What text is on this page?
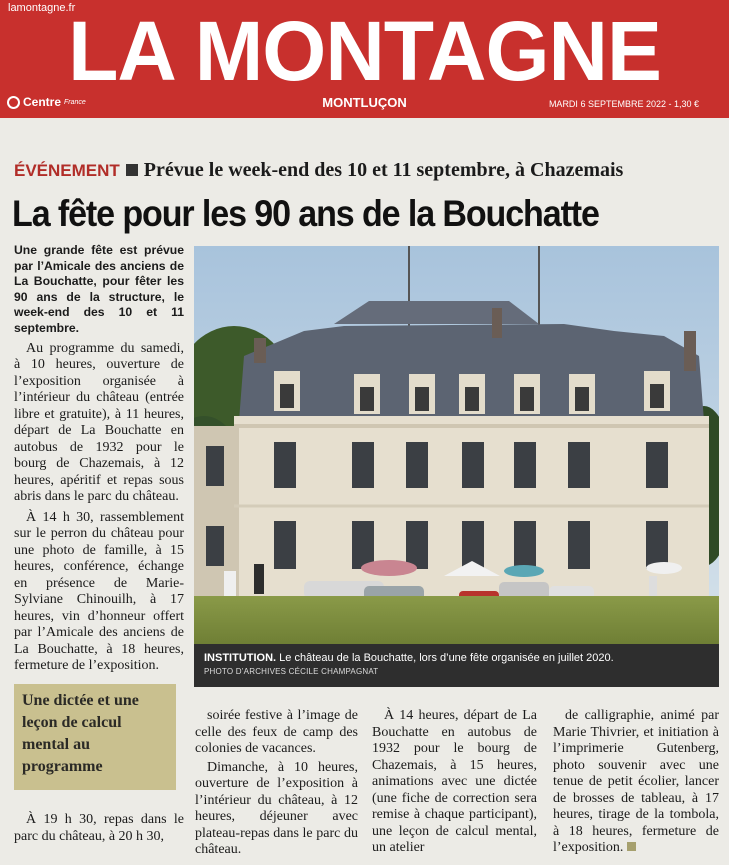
lamontagne.fr
LA MONTAGNE
Centre France	MONTLUÇON	MARDI 6 SEPTEMBRE 2022 - 1,30 €
ÉVÉNEMENT Prévue le week-end des 10 et 11 septembre, à Chazemais
La fête pour les 90 ans de la Bouchatte

Une grande fête est prévue par l’Amicale des anciens de La Bouchatte, pour fêter les 90 ans de la structure, le week-end des 10 et 11 septembre.

Au programme du samedi, à 10 heures, ouverture de l’exposition organisée à l’intérieur du château (entrée libre et gratuite), à 11 heures, départ de La Bouchatte en autobus de 1932 pour le bourg de Chazemais, à 12 heures, apéritif et repas sous abris dans le parc du château.

À 14 h 30, rassemblement sur le perron du château pour une photo de famille, à 15 heures, conférence, échange en présence de Marie-Sylviane Chinouilh, à 17 heures, vin d’honneur offert par l’Amicale des anciens de La Bouchatte, à 18 heures, fermeture de l’exposition.

INSTITUTION. Le château de la Bouchatte, lors d’une fête organisée en juillet 2020.
PHOTO D’ARCHIVES CÉCILE CHAMPAGNAT
Une dictée et une leçon de calcul mental au programme

À 19 h 30, repas dans le parc du château, à 20 h 30,

soirée festive à l’image de celle des feux de camp des colonies de vacances.

Dimanche, à 10 heures, ouverture de l’exposition à l’intérieur du château, à 12 heures, déjeuner avec plateau-repas dans le parc du château.

À 14 heures, départ de La Bouchatte en autobus de 1932 pour le bourg de Chazemais, à 15 heures, animations avec une dictée (une fiche de correction sera remise à chaque participant), une leçon de calcul mental, un atelier

de calligraphie, animé par Marie Thivrier, et initiation à l’imprimerie Gutenberg, photo souvenir avec une tenue de petit écolier, lancer de brosses de tableau, à 17 heures, tirage de la tombola, à 18 heures, fermeture de l’exposition.
